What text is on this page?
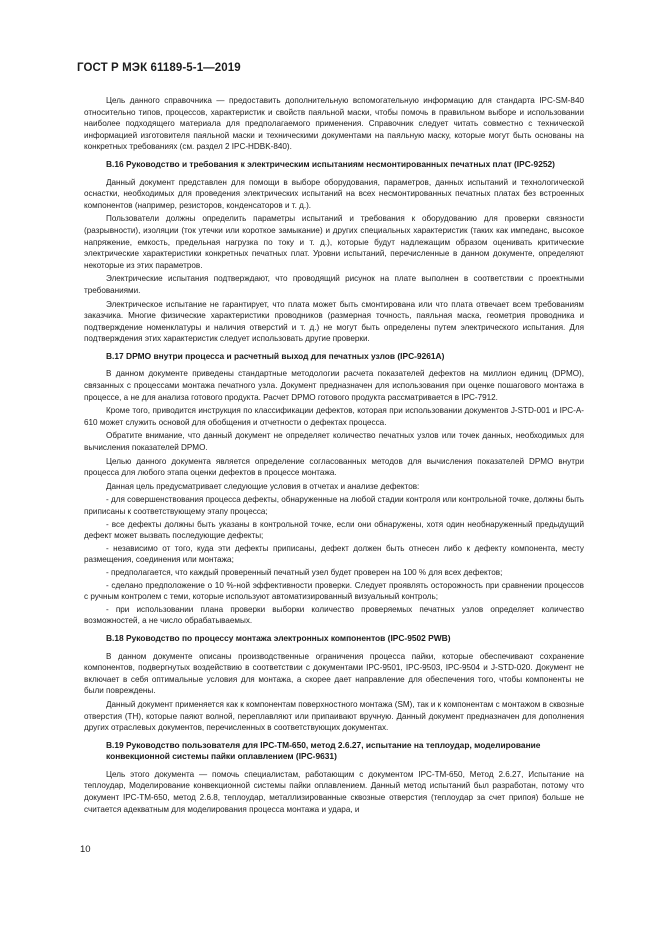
ГОСТ Р МЭК 61189-5-1—2019
Цель данного справочника — предоставить дополнительную вспомогательную информацию для стандарта IPC-SM-840 относительно типов, процессов, характеристик и свойств паяльной маски, чтобы помочь в правильном выборе и использовании наиболее подходящего материала для предполагаемого применения. Справочник следует читать совместно с технической информацией изготовителя паяльной маски и техническими документами на паяльную маску, которые могут быть основаны на конкретных требованиях (см. раздел 2 IPC-HDBK-840).
В.16 Руководство и требования к электрическим испытаниям несмонтированных печатных плат (IPC-9252)
Данный документ представлен для помощи в выборе оборудования, параметров, данных испытаний и технологической оснастки, необходимых для проведения электрических испытаний на всех несмонтированных печатных платах без встроенных компонентов (например, резисторов, конденсаторов и т. д.).
Пользователи должны определить параметры испытаний и требования к оборудованию для проверки связности (разрывности), изоляции (ток утечки или короткое замыкание) и других специальных характеристик (таких как импеданс, высокое напряжение, емкость, предельная нагрузка по току и т. д.), которые будут надлежащим образом оценивать критические электрические характеристики конкретных печатных плат. Уровни испытаний, перечисленные в данном документе, определяют некоторые из этих параметров.
Электрические испытания подтверждают, что проводящий рисунок на плате выполнен в соответствии с проектными требованиями.
Электрическое испытание не гарантирует, что плата может быть смонтирована или что плата отвечает всем требованиям заказчика. Многие физические характеристики проводников (размерная точность, паяльная маска, геометрия проводника и подтверждение номенклатуры и наличия отверстий и т. д.) не могут быть определены путем электрического испытания. Для подтверждения этих характеристик следует использовать другие проверки.
В.17 DPMO внутри процесса и расчетный выход для печатных узлов (IPC-9261A)
В данном документе приведены стандартные методологии расчета показателей дефектов на миллион единиц (DPMO), связанных с процессами монтажа печатного узла. Документ предназначен для использования при оценке пошагового монтажа в процессе, а не для анализа готового продукта. Расчет DPMO готового продукта рассматривается в IPC-7912.
Кроме того, приводится инструкция по классификации дефектов, которая при использовании документов J-STD-001 и IPC-A-610 может служить основой для обобщения и отчетности о дефектах процесса.
Обратите внимание, что данный документ не определяет количество печатных узлов или точек данных, необходимых для вычисления показателей DPMO.
Целью данного документа является определение согласованных методов для вычисления показателей DPMO внутри процесса для любого этапа оценки дефектов в процессе монтажа.
Данная цель предусматривает следующие условия в отчетах и анализе дефектов:
- для совершенствования процесса дефекты, обнаруженные на любой стадии контроля или контрольной точке, должны быть приписаны к соответствующему этапу процесса;
- все дефекты должны быть указаны в контрольной точке, если они обнаружены, хотя один необнаруженный предыдущий дефект может вызвать последующие дефекты;
- независимо от того, куда эти дефекты приписаны, дефект должен быть отнесен либо к дефекту компонента, месту размещения, соединения или монтажа;
- предполагается, что каждый проверенный печатный узел будет проверен на 100 % для всех дефектов;
- сделано предположение о 10 %-ной эффективности проверки. Следует проявлять осторожность при сравнении процессов с ручным контролем с теми, которые используют автоматизированный визуальный контроль;
- при использовании плана проверки выборки количество проверяемых печатных узлов определяет количество возможностей, а не число обрабатываемых.
В.18 Руководство по процессу монтажа электронных компонентов (IPC-9502 PWB)
В данном документе описаны производственные ограничения процесса пайки, которые обеспечивают сохранение компонентов, подвергнутых воздействию в соответствии с документами IPC-9501, IPC-9503, IPC-9504 и J-STD-020. Документ не включает в себя оптимальные условия для монтажа, а скорее дает направление для обеспечения того, чтобы компоненты не были повреждены.
Данный документ применяется как к компонентам поверхностного монтажа (SM), так и к компонентам с монтажом в сквозные отверстия (TH), которые паяют волной, переплавляют или припаивают вручную. Данный документ предназначен для дополнения других отраслевых документов, перечисленных в соответствующих документах.
В.19 Руководство пользователя для IPC-TM-650, метод 2.6.27, испытание на теплоудар, моделирование конвекционной системы пайки оплавлением (IPC-9631)
Цель этого документа — помочь специалистам, работающим с документом IPC-TM-650, Метод 2.6.27, Испытание на теплоудар, Моделирование конвекционной системы пайки оплавлением. Данный метод испытаний был разработан, потому что документ IPC-TM-650, метод 2.6.8, теплоудар, металлизированные сквозные отверстия (теплоудар за счет припоя) больше не считается адекватным для моделирования процесса монтажа и удара, и
10
